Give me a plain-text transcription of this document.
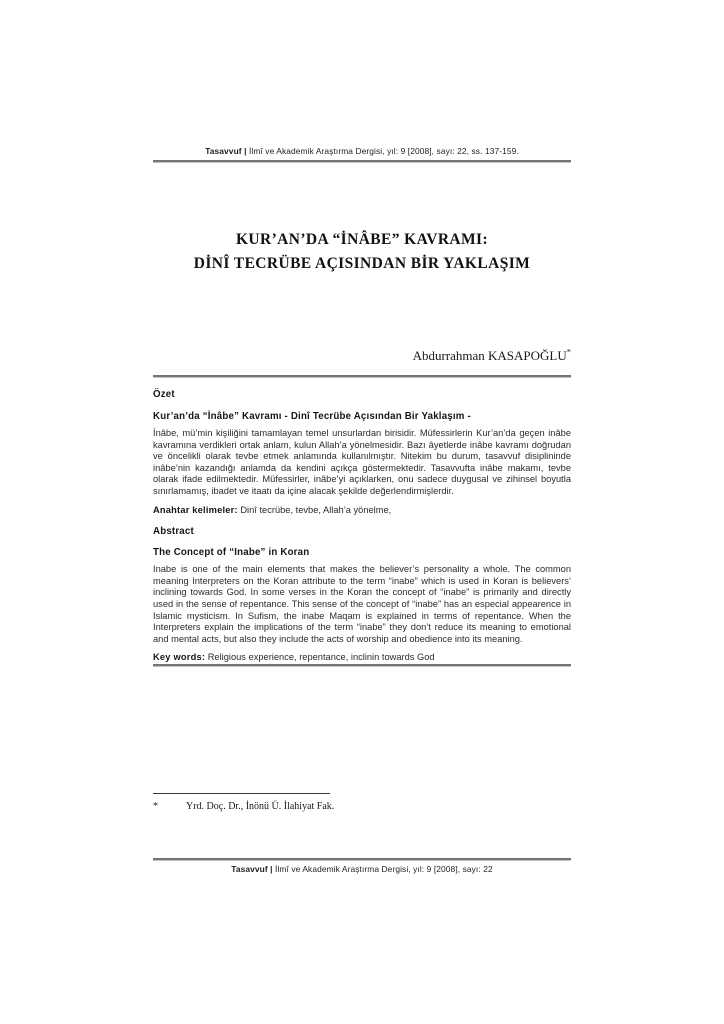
Tasavvuf | İlmî ve Akademik Araştırma Dergisi, yıl: 9 [2008], sayı: 22, ss. 137-159.
KUR’AN’DA “İNÂBE” KAVRAMI:
DİNÎ TECRÜBE AÇISINDAN BİR YAKLAŞIM
Abdurrahman KASAPOĞLU*
Özet
Kur’an’da “İnâbe” Kavramı - Dinî Tecrübe Açısından Bir Yaklaşım -

İnâbe, mü’min kişiliğini tamamlayan temel unsurlardan birisidir. Müfessirlerin Kur’an’da geçen inâbe kavramına verdikleri ortak anlam, kulun Allah’a yönelmesidir. Bazı âyetlerde inâbe kavramı doğrudan ve öncelikli olarak tevbe etmek anlamında kullanılmıştır. Nitekim bu durum, tasavvuf disiplininde inâbe’nin kazandığı anlamda da kendini açıkça göstermektedir. Tasavvufta inâbe makamı, tevbe olarak ifade edilmektedir. Müfessirler, inâbe’yi açıklarken, onu sadece duygusal ve zihinsel boyutla sınırlamamış, ibadet ve itaatı da içine alacak şekilde değerlendirmişlerdir.

Anahtar kelimeler: Dinî tecrübe, tevbe, Allah’a yönelme,

Abstract
The Concept of “Inabe” in Koran

Inabe is one of the main elements that makes the believer’s personality a whole. The common meaning Interpreters on the Koran attribute to the term “inabe” which is used in Koran is believers’ inclining towards God. In some verses in the Koran the concept of “inabe” is primarily and directly used in the sense of repentance. This sense of the concept of “inabe” has an especial appearence in Islamic mysticism. In Sufism, the inabe Maqam is explained in terms of repentance. When the Interpreters explain the implications of the term “inabe” they don’t reduce its meaning to emotional and mental acts, but also they include the acts of worship and obedience into its meaning.

Key words: Religious experience, repentance, inclinin towards God

*	Yrd. Doç. Dr., İnönü Ü. İlahiyat Fak.
Tasavvuf | İlmî ve Akademik Araştırma Dergisi, yıl: 9 [2008], sayı: 22
